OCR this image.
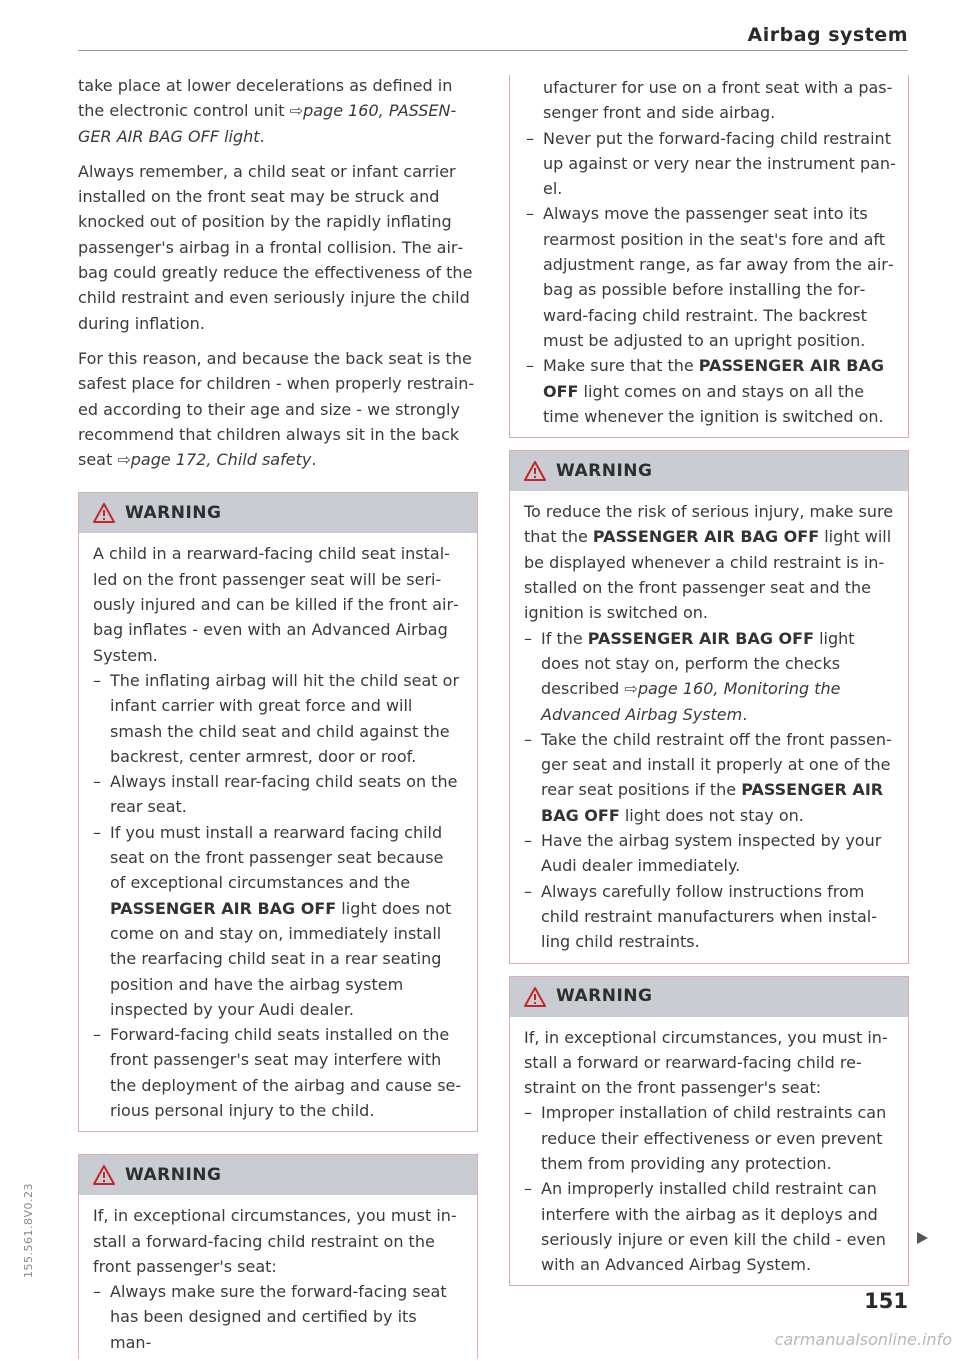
Airbag system

take place at lower decelerations as defined in the electronic control unit ⇨page 160, PASSENGER AIR BAG OFF light.

Always remember, a child seat or infant carrier installed on the front seat may be struck and knocked out of position by the rapidly inflating passenger's airbag in a frontal collision. The airbag could greatly reduce the effectiveness of the child restraint and even seriously injure the child during inflation.

For this reason, and because the back seat is the safest place for children - when properly restrained according to their age and size - we strongly recommend that children always sit in the back seat ⇨page 172, Child safety.

WARNING

A child in a rearward-facing child seat installed on the front passenger seat will be seriously injured and can be killed if the front airbag inflates - even with an Advanced Airbag System.

– The inflating airbag will hit the child seat or infant carrier with great force and will smash the child seat and child against the backrest, center armrest, door or roof.
– Always install rear-facing child seats on the rear seat.
– If you must install a rearward facing child seat on the front passenger seat because of exceptional circumstances and the PASSENGER AIR BAG OFF light does not come on and stay on, immediately install the rearfacing child seat in a rear seating position and have the airbag system inspected by your Audi dealer.
– Forward-facing child seats installed on the front passenger's seat may interfere with the deployment of the airbag and cause serious personal injury to the child.
WARNING

If, in exceptional circumstances, you must install a forward-facing child restraint on the front passenger's seat:

– Always make sure the forward-facing seat has been designed and certified by its man-
ufacturer for use on a front seat with a passenger front and side airbag.
– Never put the forward-facing child restraint up against or very near the instrument panel.
– Always move the passenger seat into its rearmost position in the seat's fore and aft adjustment range, as far away from the airbag as possible before installing the forward-facing child restraint. The backrest must be adjusted to an upright position.
– Make sure that the PASSENGER AIR BAG OFF light comes on and stays on all the time whenever the ignition is switched on.
WARNING

To reduce the risk of serious injury, make sure that the PASSENGER AIR BAG OFF light will be displayed whenever a child restraint is installed on the front passenger seat and the ignition is switched on.

– If the PASSENGER AIR BAG OFF light does not stay on, perform the checks described ⇨page 160, Monitoring the Advanced Airbag System.
– Take the child restraint off the front passenger seat and install it properly at one of the rear seat positions if the PASSENGER AIR BAG OFF light does not stay on.
– Have the airbag system inspected by your Audi dealer immediately.
– Always carefully follow instructions from child restraint manufacturers when installing child restraints.
WARNING

If, in exceptional circumstances, you must install a forward or rearward-facing child restraint on the front passenger's seat:

– Improper installation of child restraints can reduce their effectiveness or even prevent them from providing any protection.
– An improperly installed child restraint can interfere with the airbag as it deploys and seriously injure or even kill the child - even with an Advanced Airbag System.
151
155.561.8V0.23
carmanualsonline.info
